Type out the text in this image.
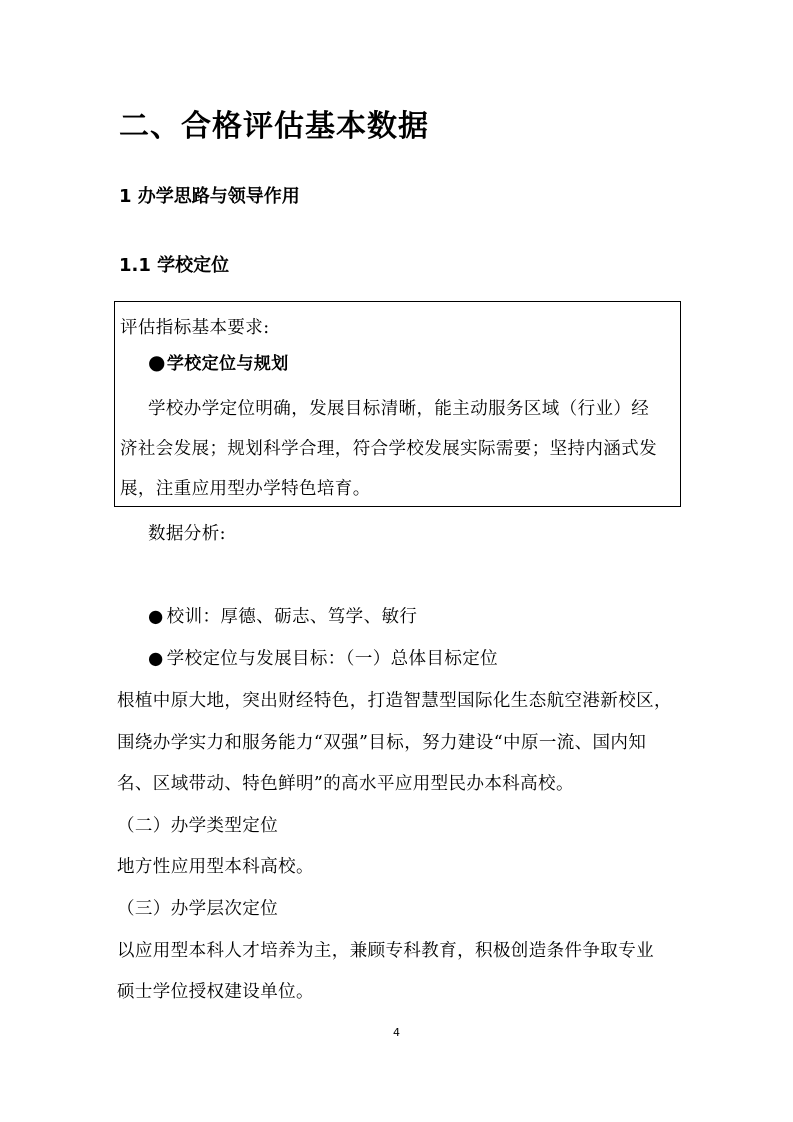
二、合格评估基本数据
1 办学思路与领导作用
1.1 学校定位
评估指标基本要求:
●学校定位与规划
学校办学定位明确，发展目标清晰，能主动服务区域（行业）经
济社会发展；规划科学合理，符合学校发展实际需要；坚持内涵式发
展，注重应用型办学特色培育。
数据分析:
● 校训：厚德、砺志、笃学、敏行
● 学校定位与发展目标：（一）总体目标定位
根植中原大地，突出财经特色，打造智慧型国际化生态航空港新校区，
围绕办学实力和服务能力“双强”目标，努力建设“中原一流、国内知
名、区域带动、特色鲜明”的高水平应用型民办本科高校。
（二）办学类型定位
地方性应用型本科高校。
（三）办学层次定位
以应用型本科人才培养为主，兼顾专科教育，积极创造条件争取专业
硕士学位授权建设单位。
4
